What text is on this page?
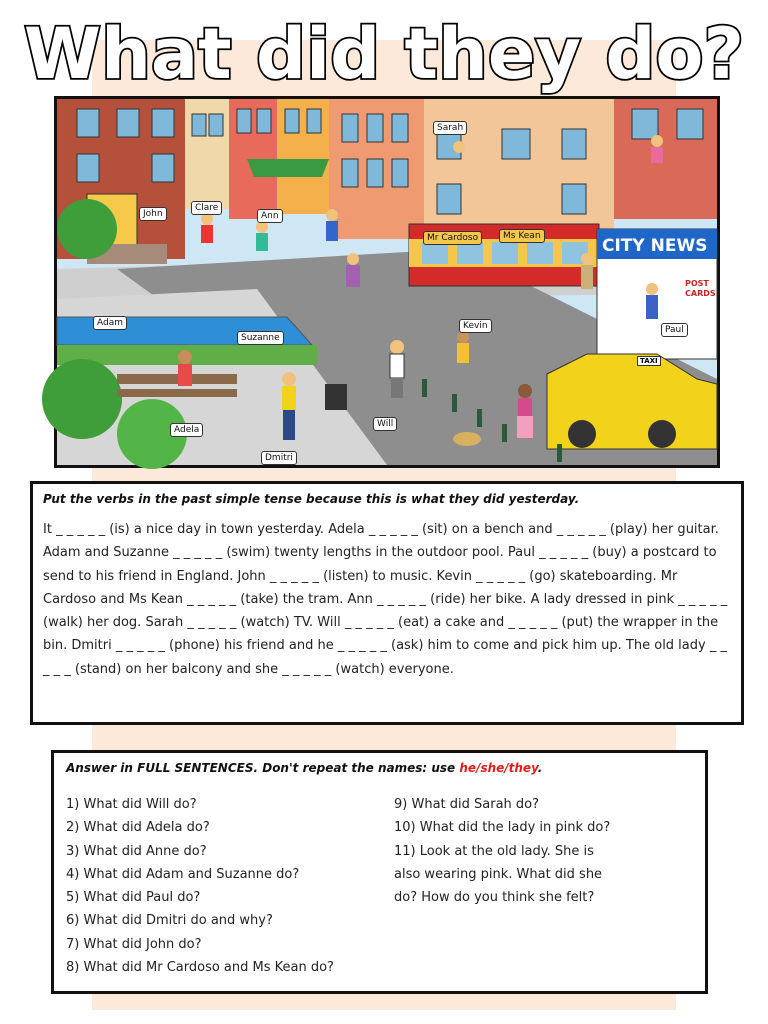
What did they do?
John
Clare
Ann
Sarah
Mr Cardoso	Ms Kean	CITY NEWS
POST CARDS
Paul
Adam
Suzanne
Kevin
Adela
Will
Dmitri
TAXI
Put the verbs in the past simple tense because this is what they did yesterday.
It _ _ _ _ _ (is) a nice day in town yesterday. Adela _ _ _ _ _ (sit) on a bench and _ _ _ _ _ (play) her guitar. Adam and Suzanne _ _ _ _ _ (swim) twenty lengths in the outdoor pool. Paul _ _ _ _ _ (buy) a postcard to send to his friend in England. John _ _ _ _ _ (listen) to music. Kevin _ _ _ _ _ (go) skateboarding. Mr Cardoso and Ms Kean _ _ _ _ _ (take) the tram. Ann _ _ _ _ _ (ride) her bike. A lady dressed in pink _ _ _ _ _ (walk) her dog. Sarah _ _ _ _ _ (watch) TV. Will _ _ _ _ _ (eat) a cake and _ _ _ _ _ (put) the wrapper in the bin. Dmitri _ _ _ _ _ (phone) his friend and he _ _ _ _ _ (ask) him to come and pick him up. The old lady _ _ _ _ _ (stand) on her balcony and she _ _ _ _ _ (watch) everyone.
Answer in FULL SENTENCES. Don't repeat the names: use he/she/they.
1) What did Will do?
2) What did Adela do?
3) What did Anne do?
4) What did Adam and Suzanne do?
5) What did Paul do?
6) What did Dmitri do and why?
7) What did John do?
8) What did Mr Cardoso and Ms Kean do?
9) What did Sarah do?
10) What did the lady in pink do?
11) Look at the old lady. She is
also wearing pink. What did she
do? How do you think she felt?
